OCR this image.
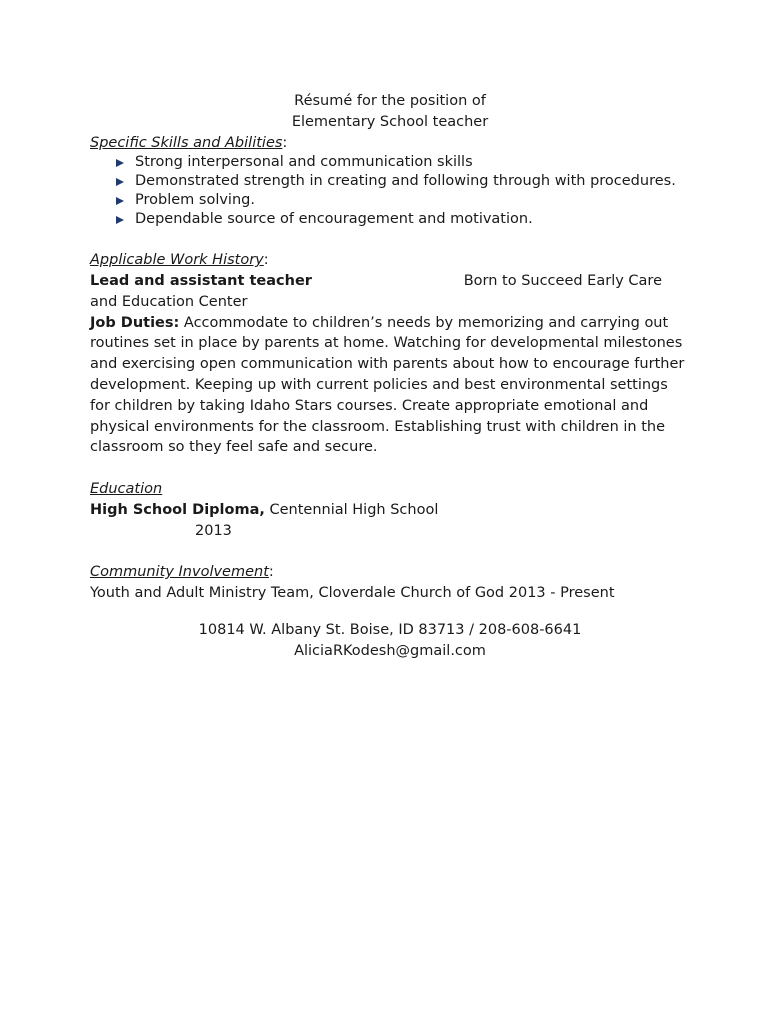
Résumé for the position of
Elementary School teacher
Specific Skills and Abilities:
Strong interpersonal and communication skills
Demonstrated strength in creating and following through with procedures.
Problem solving.
Dependable source of encouragement and motivation.
Applicable Work History:
Lead and assistant teacher	Born to Succeed Early Care
and Education Center
Job Duties: Accommodate to children’s needs by memorizing and carrying out routines set in place by parents at home. Watching for developmental milestones and exercising open communication with parents about how to encourage further development. Keeping up with current policies and best environmental settings for children by taking Idaho Stars courses. Create appropriate emotional and physical environments for the classroom. Establishing trust with children in the classroom so they feel safe and secure.
Education
High School Diploma, Centennial High School
2013
Community Involvement:
Youth and Adult Ministry Team, Cloverdale Church of God 2013 - Present
10814 W. Albany St. Boise, ID 83713 / 208-608-6641
AliciaRKodesh@gmail.com
